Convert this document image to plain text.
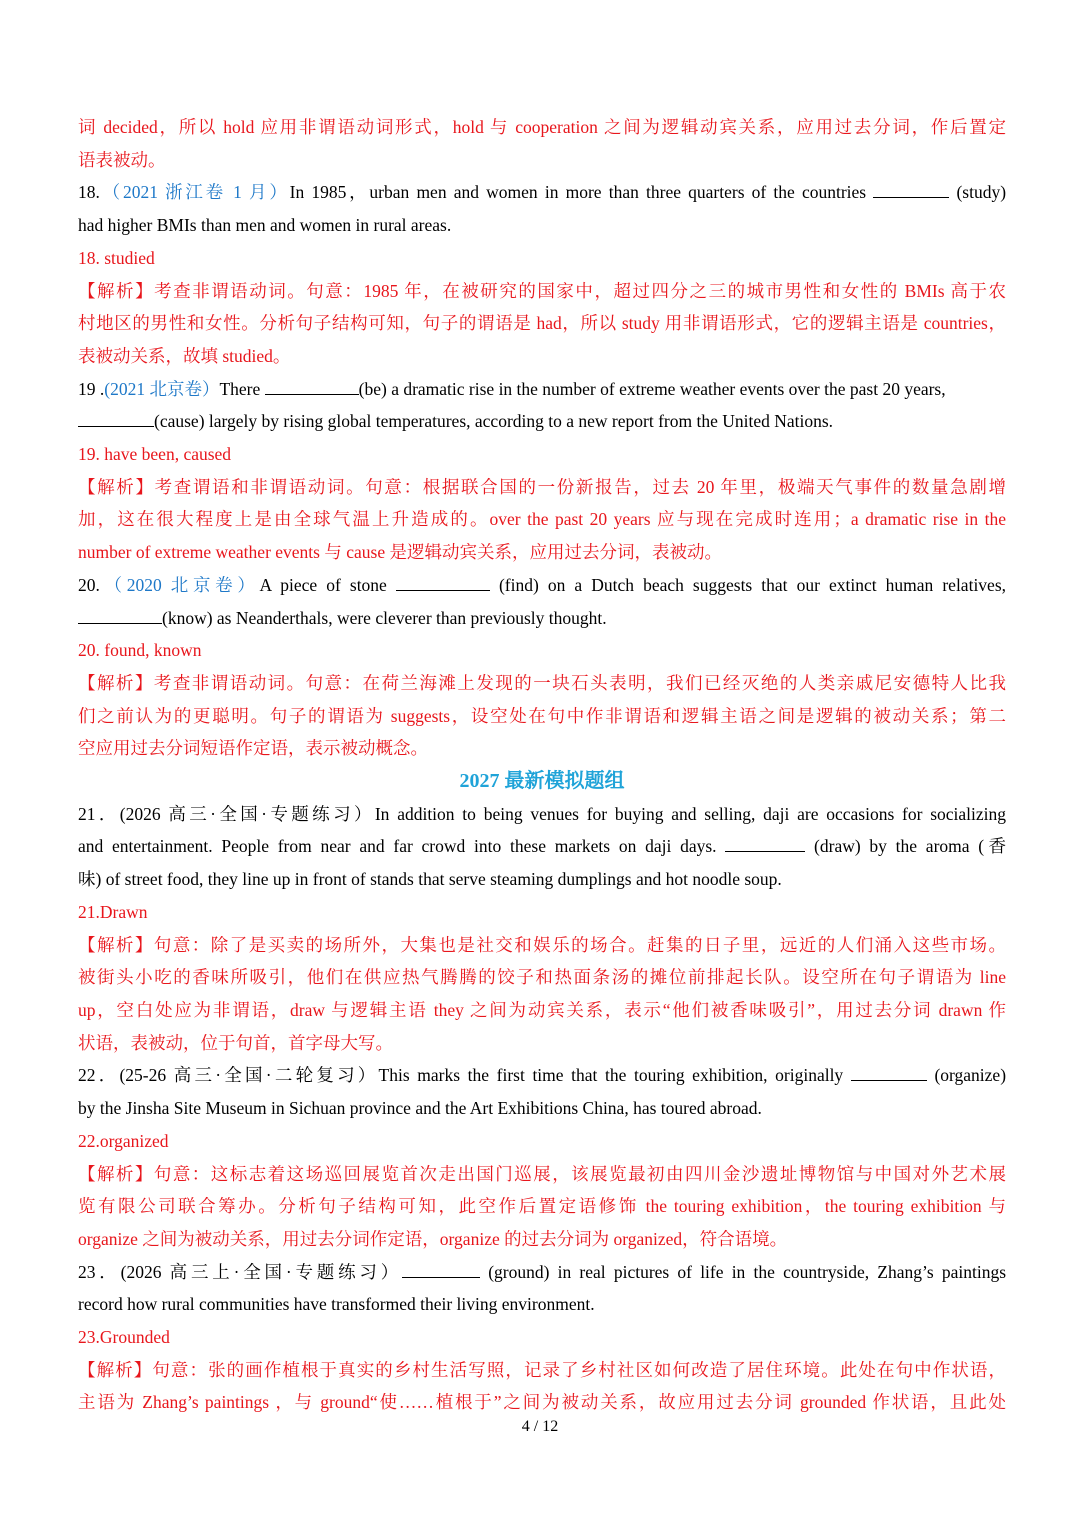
词 decided，所以 hold 应用非谓语动词形式，hold 与 cooperation 之间为逻辑动宾关系，应用过去分词，作后置定
语表被动。
18.（2021 浙江卷 1 月）In 1985，urban men and women in more than three quarters of the countries	(study)
had higher BMIs than men and women in rural areas.
18. studied
【解析】考查非谓语动词。句意：1985 年，在被研究的国家中，超过四分之三的城市男性和女性的 BMIs 高于农
村地区的男性和女性。分析句子结构可知，句子的谓语是 had，所以 study 用非谓语形式，它的逻辑主语是 countries，
表被动关系，故填 studied。
19 .(2021 北京卷）There	(be) a dramatic rise in the number of extreme weather events over the past 20 years,
(cause) largely by rising global temperatures, according to a new report from the United Nations.
19. have been, caused
【解析】考查谓语和非谓语动词。句意：根据联合国的一份新报告，过去 20 年里，极端天气事件的数量急剧增
加，这在很大程度上是由全球气温上升造成的。over the past 20 years 应与现在完成时连用；a dramatic rise in the
number of extreme weather events 与 cause 是逻辑动宾关系，应用过去分词，表被动。
20.（2020 北京卷）A piece of stone	(find) on a Dutch beach suggests that our extinct human relatives,
(know) as Neanderthals, were cleverer than previously thought.
20. found, known
【解析】考查非谓语动词。句意：在荷兰海滩上发现的一块石头表明，我们已经灭绝的人类亲戚尼安德特人比我
们之前认为的更聪明。句子的谓语为 suggests，设空处在句中作非谓语和逻辑主语之间是逻辑的被动关系；第二
空应用过去分词短语作定语，表示被动概念。
2027 最新模拟题组
21．(2026 高三·全国·专题练习）In addition to being venues for buying and selling, daji are occasions for socializing
and entertainment. People from near and far crowd into these markets on daji days.	(draw) by the aroma (香
味) of street food, they line up in front of stands that serve steaming dumplings and hot noodle soup.
21.Drawn
【解析】句意：除了是买卖的场所外，大集也是社交和娱乐的场合。赶集的日子里，远近的人们涌入这些市场。
被街头小吃的香味所吸引，他们在供应热气腾腾的饺子和热面条汤的摊位前排起长队。设空所在句子谓语为 line
up，空白处应为非谓语，draw 与逻辑主语 they 之间为动宾关系，表示“他们被香味吸引”，用过去分词 drawn 作
状语，表被动，位于句首，首字母大写。
22．(25-26 高三·全国·二轮复习）This marks the first time that the touring exhibition, originally	(organize)
by the Jinsha Site Museum in Sichuan province and the Art Exhibitions China, has toured abroad.
22.organized
【解析】句意：这标志着这场巡回展览首次走出国门巡展，该展览最初由四川金沙遗址博物馆与中国对外艺术展
览有限公司联合筹办。分析句子结构可知，此空作后置定语修饰 the touring exhibition，the touring exhibition 与
organize 之间为被动关系，用过去分词作定语，organize 的过去分词为 organized，符合语境。
23．(2026 高三上·全国·专题练习）	(ground) in real pictures of life in the countryside, Zhang’s paintings
record how rural communities have transformed their living environment.
23.Grounded
【解析】句意：张的画作植根于真实的乡村生活写照，记录了乡村社区如何改造了居住环境。此处在句中作状语，
主语为 Zhang’s paintings ，与 ground“使……植根于”之间为被动关系，故应用过去分词 grounded 作状语，且此处
4 / 12
